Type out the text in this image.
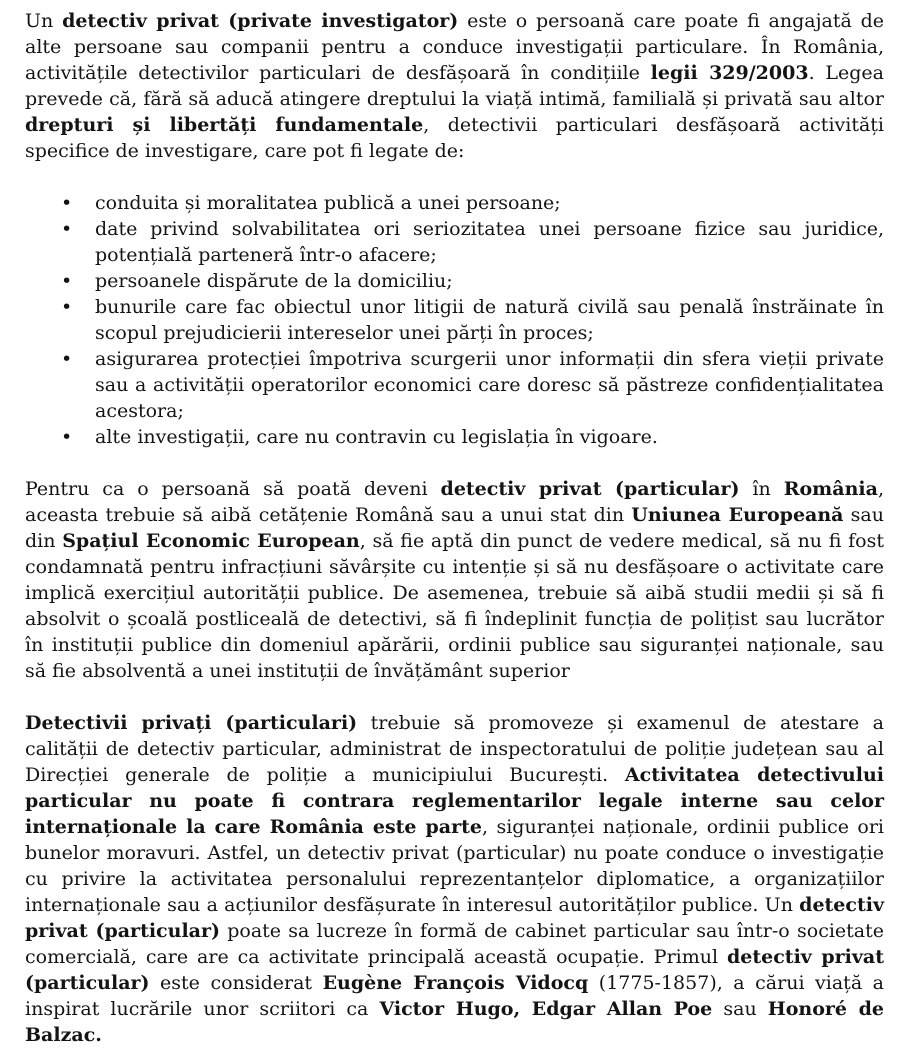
Un detectiv privat (private investigator) este o persoană care poate fi angajată de alte persoane sau companii pentru a conduce investigații particulare. În România, activitățile detectivilor particulari de desfășoară în condițiile legii 329/2003. Legea prevede că, fără să aducă atingere dreptului la viață intimă, familială și privată sau altor drepturi și libertăți fundamentale, detectivii particulari desfășoară activități specifice de investigare, care pot fi legate de:

• conduita și moralitatea publică a unei persoane;
• date privind solvabilitatea ori seriozitatea unei persoane fizice sau juridice, potențială parteneră într-o afacere;
• persoanele dispărute de la domiciliu;
• bunurile care fac obiectul unor litigii de natură civilă sau penală înstrăinate în scopul prejudicierii intereselor unei părți în proces;
• asigurarea protecției împotriva scurgerii unor informații din sfera vieții private sau a activității operatorilor economici care doresc să păstreze confidențialitatea acestora;
• alte investigații, care nu contravin cu legislația în vigoare.

Pentru ca o persoană să poată deveni detectiv privat (particular) în România, aceasta trebuie să aibă cetățenie Română sau a unui stat din Uniunea Europeană sau din Spațiul Economic European, să fie aptă din punct de vedere medical, să nu fi fost condamnată pentru infracțiuni săvârșite cu intenție și să nu desfășoare o activitate care implică exercițiul autorității publice. De asemenea, trebuie să aibă studii medii și să fi absolvit o școală postliceală de detectivi, să fi îndeplinit funcția de polițist sau lucrător în instituții publice din domeniul apărării, ordinii publice sau siguranței naționale, sau să fie absolventă a unei instituții de învățământ superior

Detectivii privați (particulari) trebuie să promoveze și examenul de atestare a calității de detectiv particular, administrat de inspectoratului de poliție județean sau al Direcției generale de poliție a municipiului București. Activitatea detectivului particular nu poate fi contrara reglementarilor legale interne sau celor internaționale la care România este parte, siguranței naționale, ordinii publice ori bunelor moravuri. Astfel, un detectiv privat (particular) nu poate conduce o investigație cu privire la activitatea personalului reprezentanțelor diplomatice, a organizațiilor internaționale sau a acțiunilor desfășurate în interesul autorităților publice. Un detectiv privat (particular) poate sa lucreze în formă de cabinet particular sau într-o societate comercială, care are ca activitate principală această ocupație. Primul detectiv privat (particular) este considerat Eugène François Vidocq (1775-1857), a cărui viață a inspirat lucrările unor scriitori ca Victor Hugo, Edgar Allan Poe sau Honoré de Balzac.
